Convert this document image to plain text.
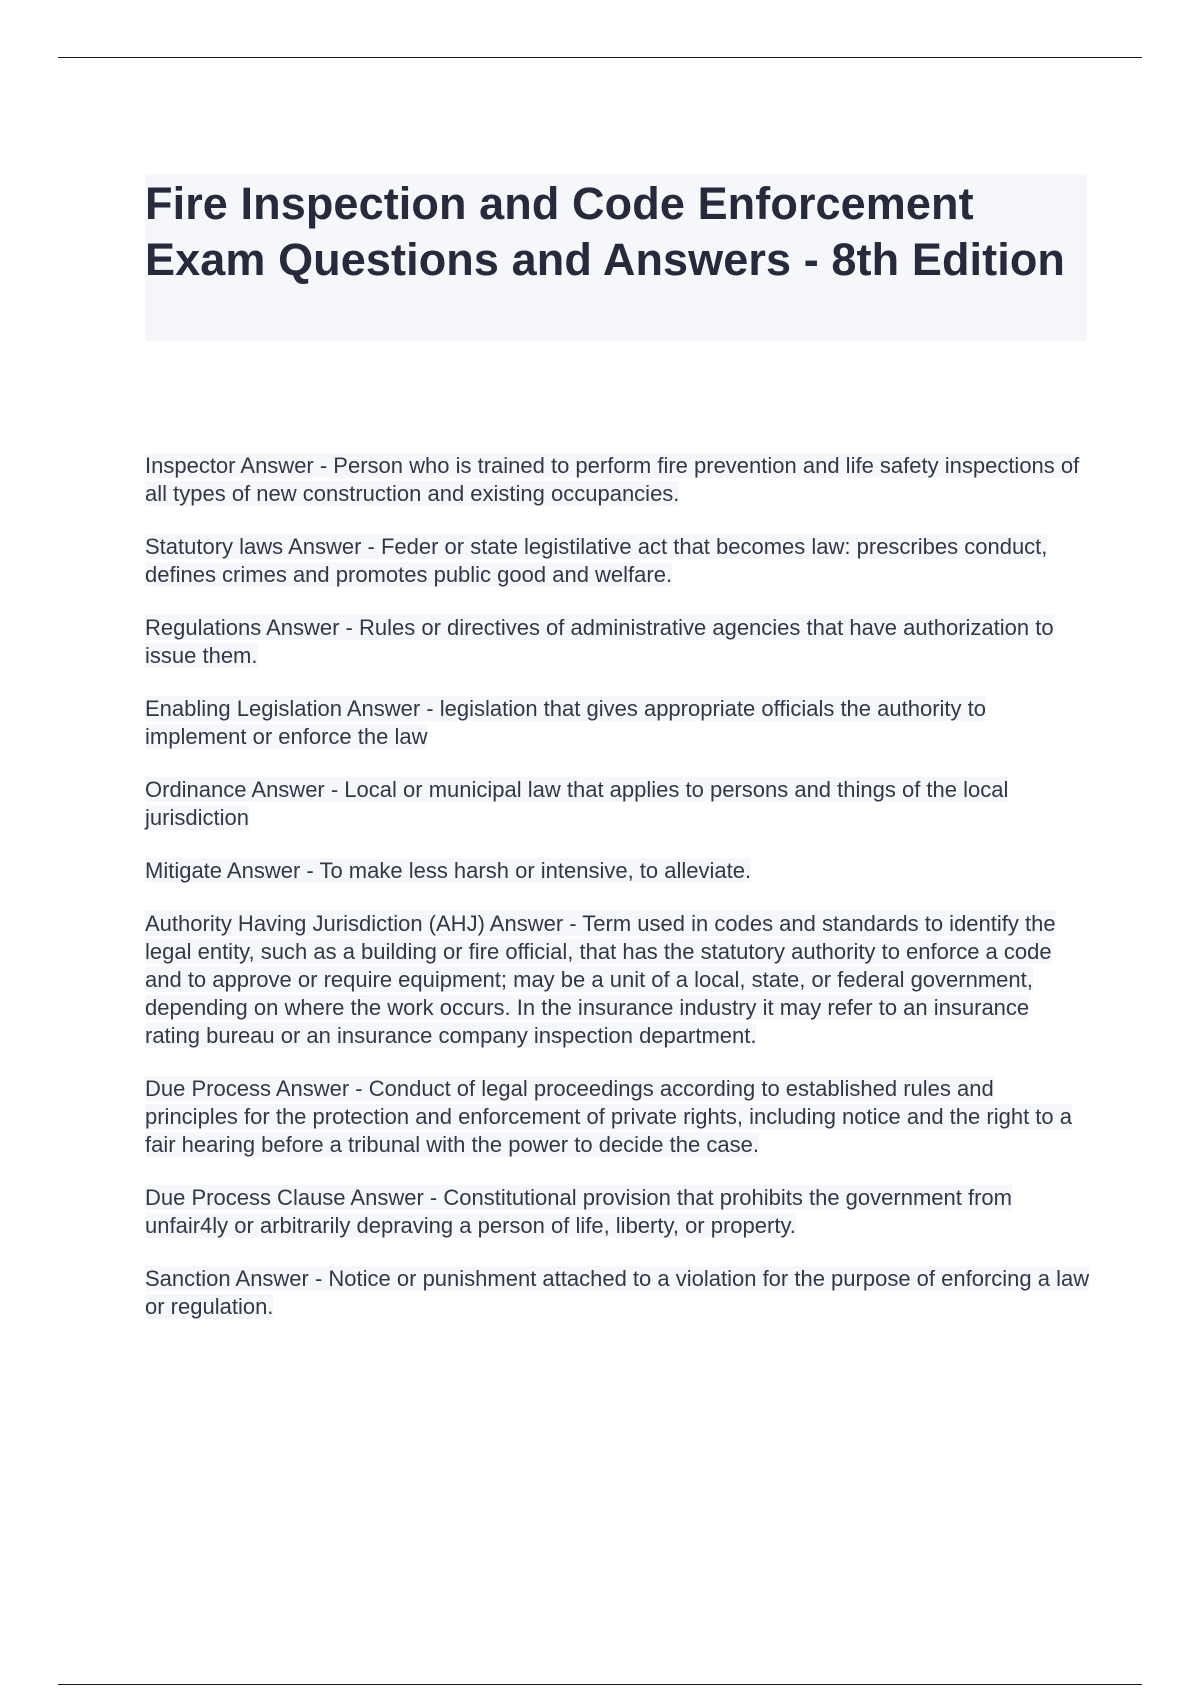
Fire Inspection and Code Enforcement Exam Questions and Answers - 8th Edition

Inspector Answer - Person who is trained to perform fire prevention and life safety inspections of all types of new construction and existing occupancies.

Statutory laws Answer - Feder or state legistilative act that becomes law: prescribes conduct, defines crimes and promotes public good and welfare.

Regulations Answer - Rules or directives of administrative agencies that have authorization to issue them.

Enabling Legislation Answer - legislation that gives appropriate officials the authority to implement or enforce the law

Ordinance Answer - Local or municipal law that applies to persons and things of the local jurisdiction

Mitigate Answer - To make less harsh or intensive, to alleviate.

Authority Having Jurisdiction (AHJ) Answer - Term used in codes and standards to identify the legal entity, such as a building or fire official, that has the statutory authority to enforce a code and to approve or require equipment; may be a unit of a local, state, or federal government, depending on where the work occurs. In the insurance industry it may refer to an insurance rating bureau or an insurance company inspection department.

Due Process Answer - Conduct of legal proceedings according to established rules and principles for the protection and enforcement of private rights, including notice and the right to a fair hearing before a tribunal with the power to decide the case.

Due Process Clause Answer - Constitutional provision that prohibits the government from unfair4ly or arbitrarily depraving a person of life, liberty, or property.

Sanction Answer - Notice or punishment attached to a violation for the purpose of enforcing a law or regulation.
